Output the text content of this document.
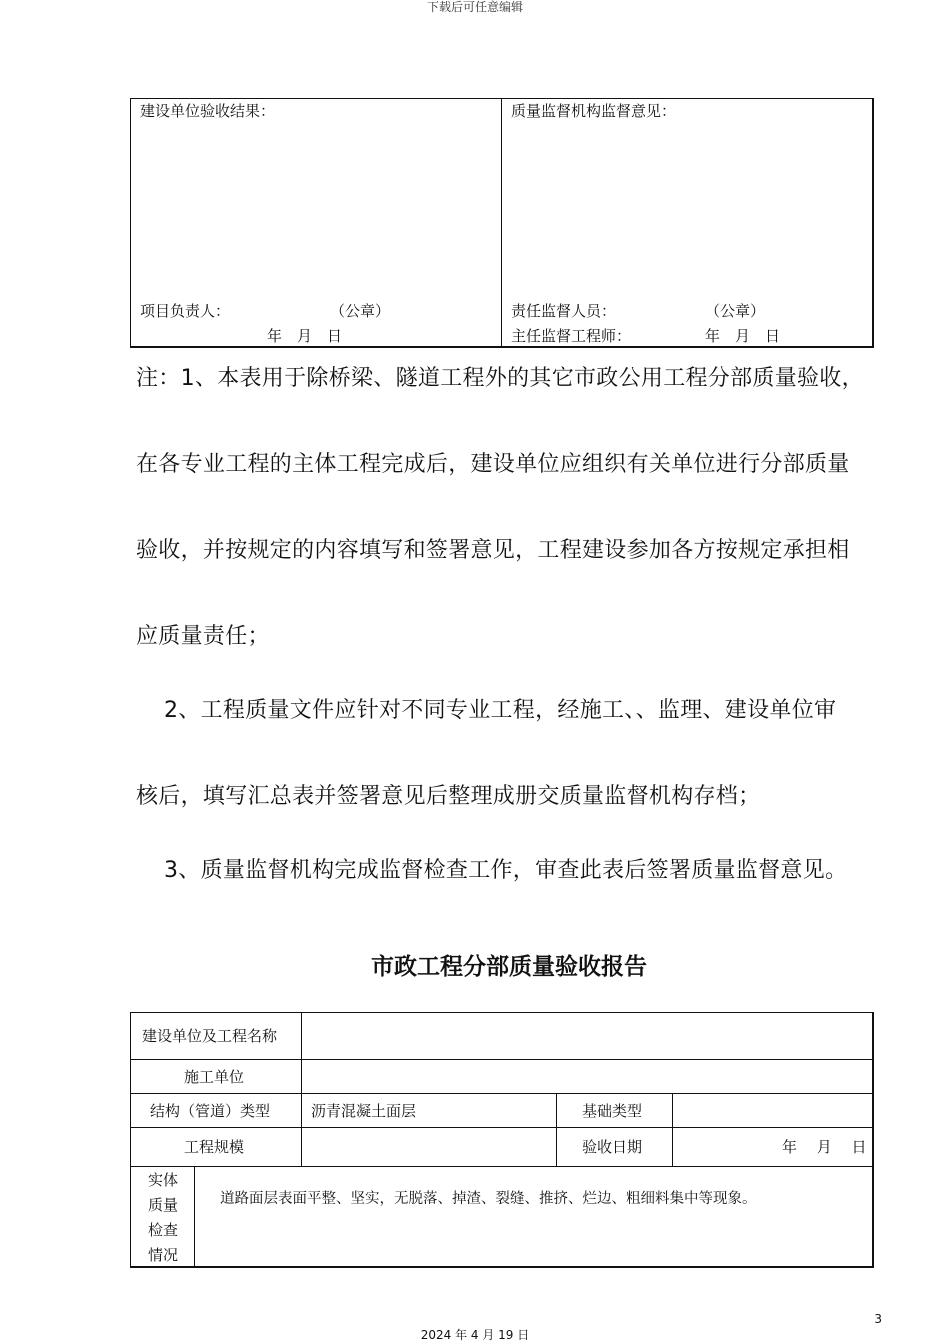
下载后可任意编辑
建设单位验收结果：	质量监督机构监督意见：
项目负责人：	（公章）
年　月　日
责任监督人员：	（公章）
主任监督工程师：	年　月　日
注：1、本表用于除桥梁、隧道工程外的其它市政公用工程分部质量验收，
在各专业工程的主体工程完成后，建设单位应组织有关单位进行分部质量
验收，并按规定的内容填写和签署意见，工程建设参加各方按规定承担相
应质量责任；
2、工程质量文件应针对不同专业工程，经施工、、监理、建设单位审
核后，填写汇总表并签署意见后整理成册交质量监督机构存档；
3、质量监督机构完成监督检查工作，审查此表后签署质量监督意见。
市政工程分部质量验收报告
建设单位及工程名称
施工单位
结构（管道）类型	沥青混凝土面层	基础类型
工程规模	验收日期	年　 月　 日
实体
质量
检查
情况
道路面层表面平整、坚实，无脱落、掉渣、裂缝、推挤、烂边、粗细料集中等现象。
3
2024 年 4 月 19 日
